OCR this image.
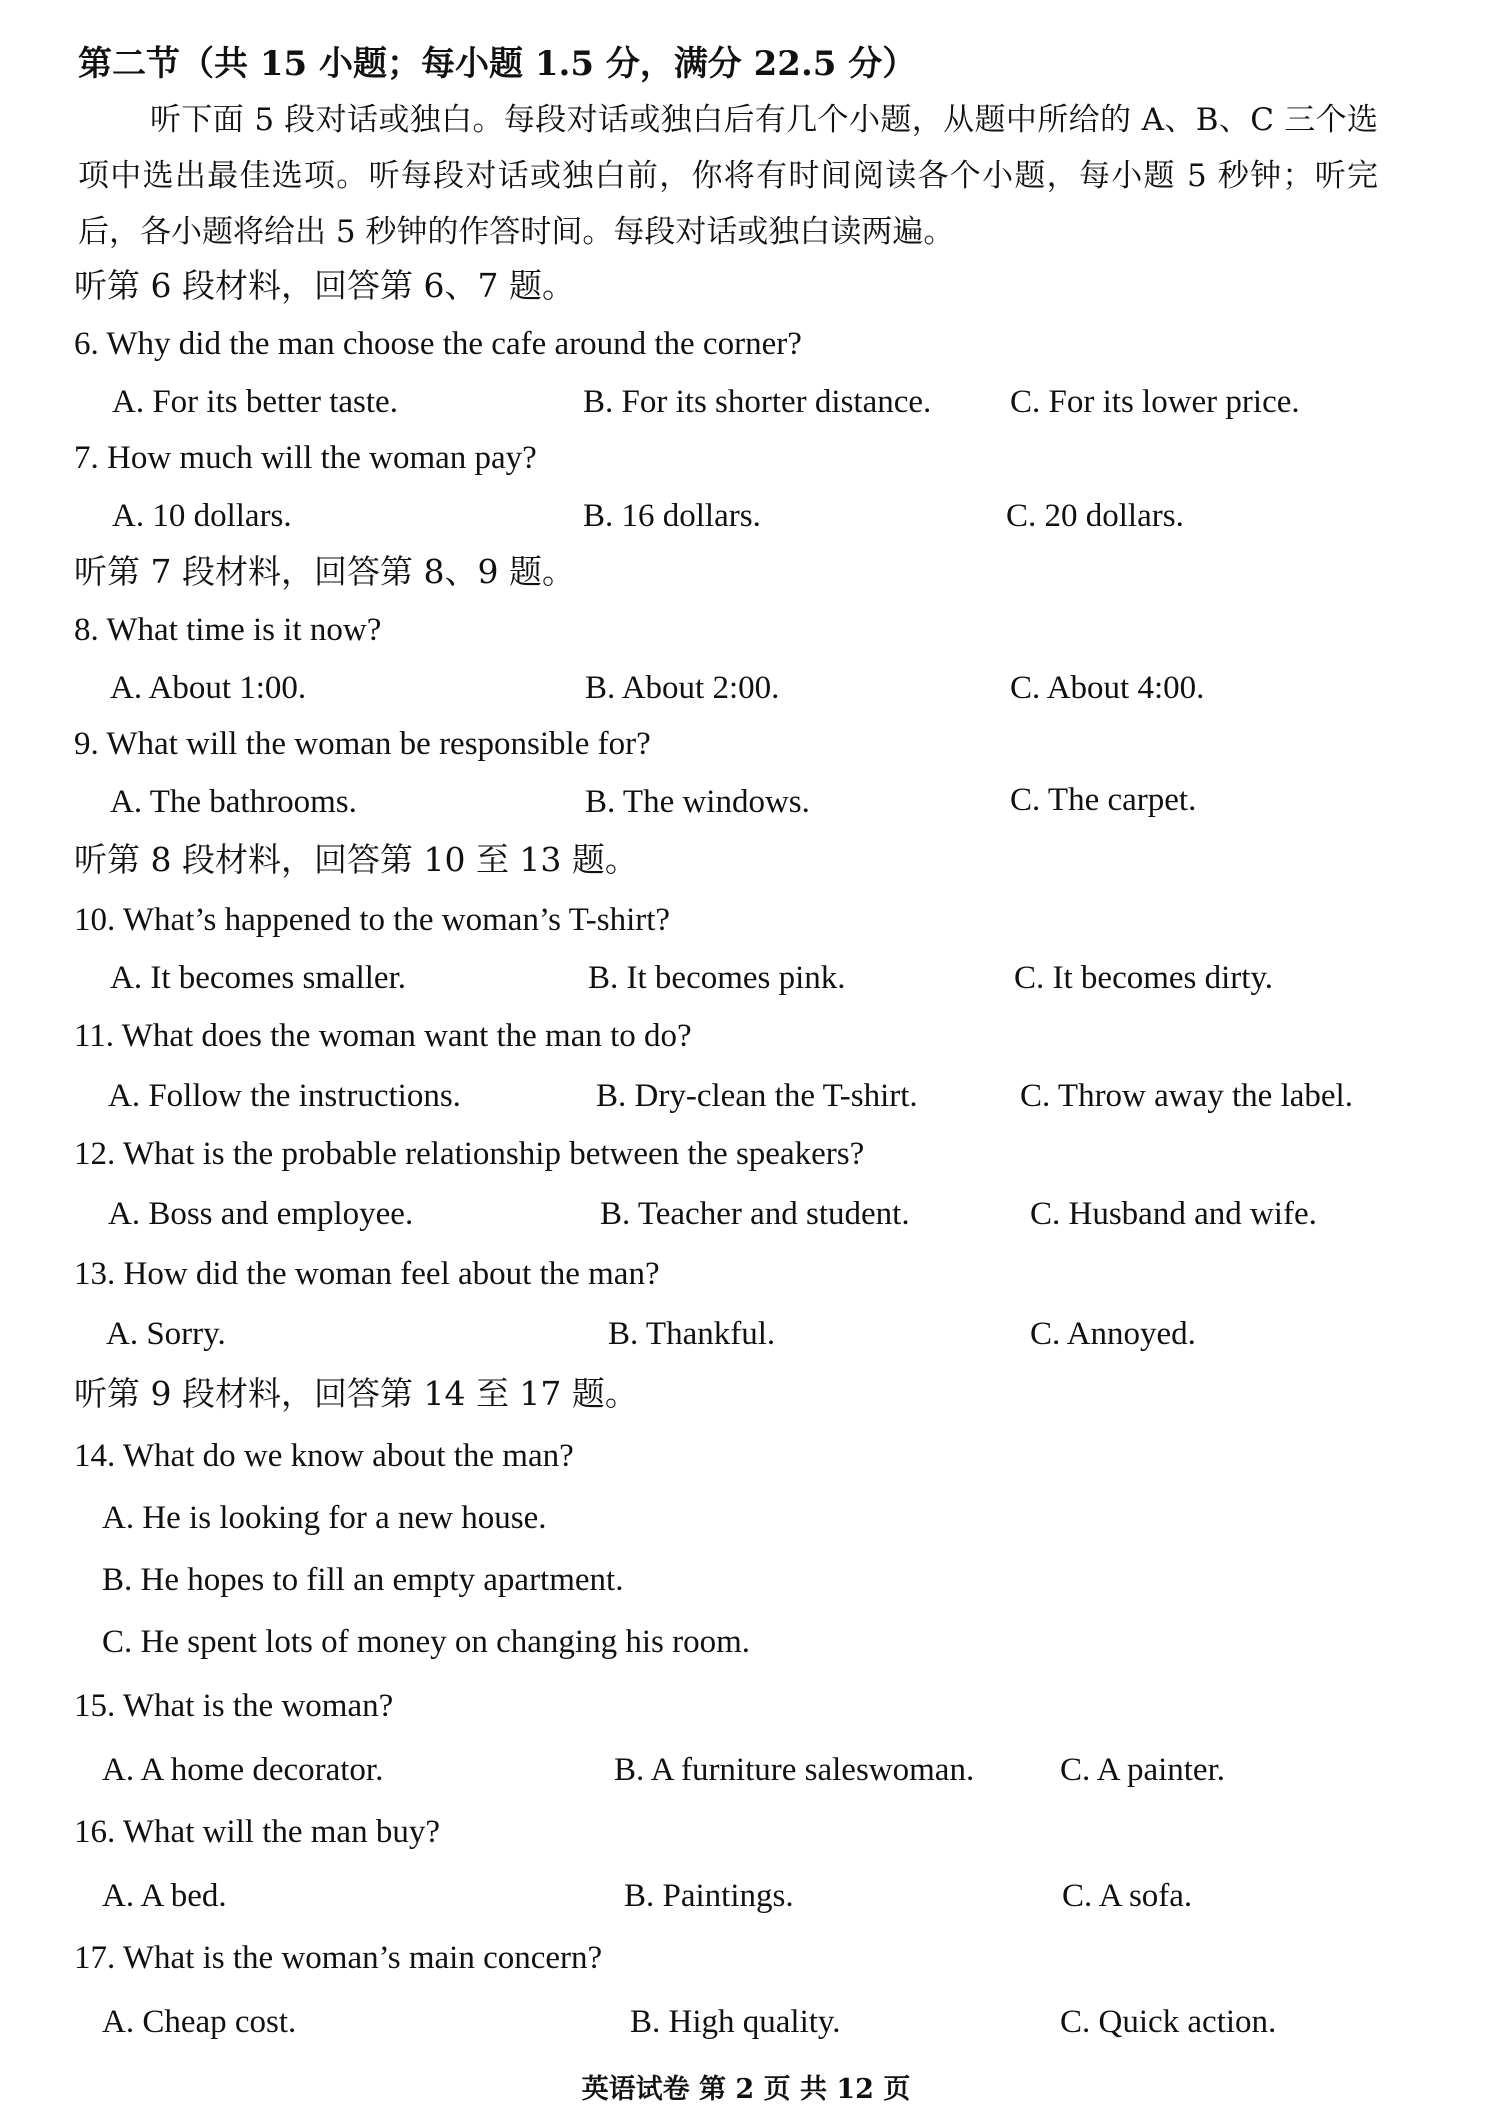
第二节（共 15 小题；每小题 1.5 分，满分 22.5 分）
听下面 5 段对话或独白。每段对话或独白后有几个小题，从题中所给的 A、B、C 三个选项中选出最佳选项。听每段对话或独白前，你将有时间阅读各个小题，每小题 5 秒钟；听完后，各小题将给出 5 秒钟的作答时间。每段对话或独白读两遍。
听第 6 段材料，回答第 6、7 题。
6. Why did the man choose the cafe around the corner?
A. For its better taste.	B. For its shorter distance. C. For its lower price.
7. How much will the woman pay?
A. 10 dollars.	B. 16 dollars.	C. 20 dollars.
听第 7 段材料，回答第 8、9 题。
8. What time is it now?
A. About 1:00.	B. About 2:00.	C. About 4:00.
9. What will the woman be responsible for?
A. The bathrooms.	B. The windows.	C. The carpet.
听第 8 段材料，回答第 10 至 13 题。
10. What’s happened to the woman’s T-shirt?
A. It becomes smaller.	B. It becomes pink.	C. It becomes dirty.
11. What does the woman want the man to do?
A. Follow the instructions.	B. Dry-clean the T-shirt.	C. Throw away the label.
12. What is the probable relationship between the speakers?
A. Boss and employee.	B. Teacher and student.	C. Husband and wife.
13. How did the woman feel about the man?
A. Sorry.	B. Thankful.	C. Annoyed.
听第 9 段材料，回答第 14 至 17 题。
14. What do we know about the man?
A. He is looking for a new house.
B. He hopes to fill an empty apartment.
C. He spent lots of money on changing his room.
15. What is the woman?
A. A home decorator.	B. A furniture saleswoman.	C. A painter.
16. What will the man buy?
A. A bed.	B. Paintings.	C. A sofa.
17. What is the woman’s main concern?
A. Cheap cost.	B. High quality.	C. Quick action.
英语试卷 第 2 页 共 12 页
